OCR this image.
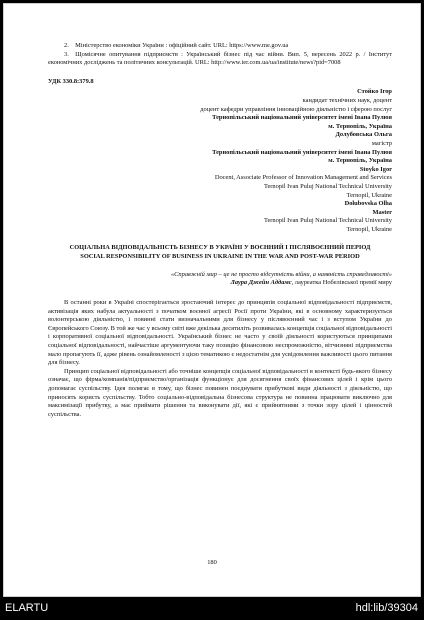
2. Міністерство економіки України : офіційний сайт. URL: https://www.me.gov.ua

3. Щомісячне опитування підприємств : Український бізнес під час війни. Вип. 5, вересень 2022 р. / Інститут економічних досліджень та політичних консультацій. URL: http://www.ier.com.ua/ua/institute/news?pid=7008

УДК 330.8:379.8
Стойко Ігор
кандидат технічних наук, доцент
доцент кафедри управління інноваційною діяльністю і сферою послуг
Тернопільський національний університет імені Івана Пулюя
м. Тернопіль, Україна
Долубовська Ольга
магістр
Тернопільський національний університет імені Івана Пулюя
м. Тернопіль, Україна
Stoyko Igor
Docent, Associate Professor of Innovation Management and Services
Ternopil Ivan Puluj National Technical University
Ternopil, Ukraine
Dolubovska Olha
Master
Ternopil Ivan Puluj National Technical University
Ternopil, Ukraine
СОЦІАЛЬНА ВІДПОВІДАЛЬНІСТЬ БІЗНЕСУ В УКРАЇНІ У ВОЄННИЙ І ПІСЛЯВОЄННИЙ ПЕРІОД
SOCIAL RESPONSIBILITY OF BUSINESS IN UKRAINE IN THE WAR AND POST-WAR PERIOD
«Справжній мир – це не просто відсутність війни, а наявність справедливості»
Лаура Джейн Аддамс, лауреатка Нобелівської премії миру

В останні роки в Україні спостерігається зростаючий інтерес до принципів соціальної відповідальності підприємств, активізація яких набула актуальності з початком воєнної агресії Росії проти України, які в основному характеризується волонтерською діяльністю, і повинні стати визначальними для бізнесу у післявоєнний час і з вступом України до Європейського Союзу. В той же час у всьому світі вже декілька десятиліть розвивалась концепція соціальної відповідальності і корпоративної соціальної відповідальності. Український бізнес не часто у своїй діяльності користуються принципами соціальної відповідальності, найчастіше аргументуючи таку позицію фінансовою неспроможністю, вітчизняні підприємства мало пропагують її, адже рівень ознайомленості з цією тематикою є недостатнім для усвідомлення важливості цього питання для бізнесу.

Принцип соціальної відповідальності або точніше концепція соціальної відповідальності в контексті будь-якого бізнесу означає, що фірма/компанія/підприємство/організація функціонує для досягнення своїх фінансових цілей і крім цього допомагає суспільству. Ідея полягає в тому, що бізнес повинен поєднувати прибуткові види діяльності з діяльністю, що приносять користь суспільству. Тобто соціально-відповідальна бізнесова структура не повинна працювати виключно для максимізації прибутку, а має приймати рішення та виконувати дії, які є прийнятними з точки зору цілей і цінностей суспільства.

180
ELARTU	hdl:lib/39304
